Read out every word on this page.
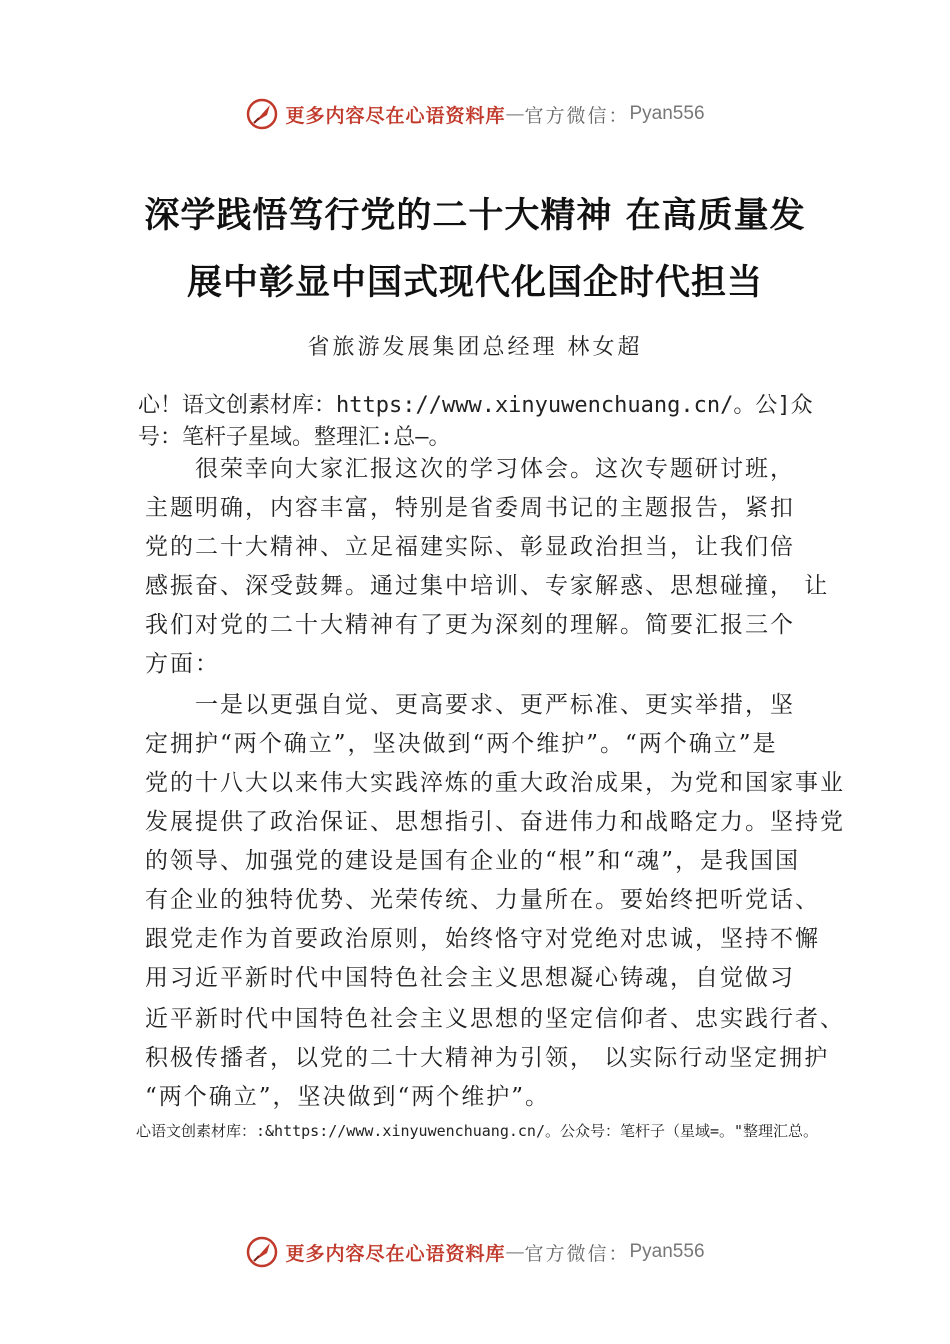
更多内容尽在心语资料库 — 官方微信： Pyan556
深学践悟笃行党的二十大精神 在高质量发
展中彰显中国式现代化国企时代担当
省旅游发展集团总经理 林女超
心！语文创素材库：https://www.xinyuwenchuang.cn/。公]众号：笔杆子星域。整理汇:总—。
　　很荣幸向大家汇报这次的学习体会。这次专题研讨班，
主题明确，内容丰富，特别是省委周书记的主题报告，紧扣
党的二十大精神、立足福建实际、彰显政治担当，让我们倍
感振奋、深受鼓舞。通过集中培训、专家解惑、思想碰撞， 让
我们对党的二十大精神有了更为深刻的理解。简要汇报三个
方面：
　　一是以更强自觉、更高要求、更严标准、更实举措，坚
定拥护“两个确立”，坚决做到“两个维护”。“两个确立”是
党的十八大以来伟大实践淬炼的重大政治成果，为党和国家事业
发展提供了政治保证、思想指引、奋进伟力和战略定力。坚持党
的领导、加强党的建设是国有企业的“根”和“魂”，是我国国
有企业的独特优势、光荣传统、力量所在。要始终把听党话、
跟党走作为首要政治原则，始终恪守对党绝对忠诚，坚持不懈
用习近平新时代中国特色社会主义思想凝心铸魂，自觉做习
近平新时代中国特色社会主义思想的坚定信仰者、忠实践行者、
积极传播者，以党的二十大精神为引领， 以实际行动坚定拥护
“两个确立”，坚决做到“两个维护”。
心语文创素材库：:&https://www.xinyuwenchuang.cn/。公众号：笔杆子（星域=。"整理汇总。
更多内容尽在心语资料库 — 官方微信： Pyan556
